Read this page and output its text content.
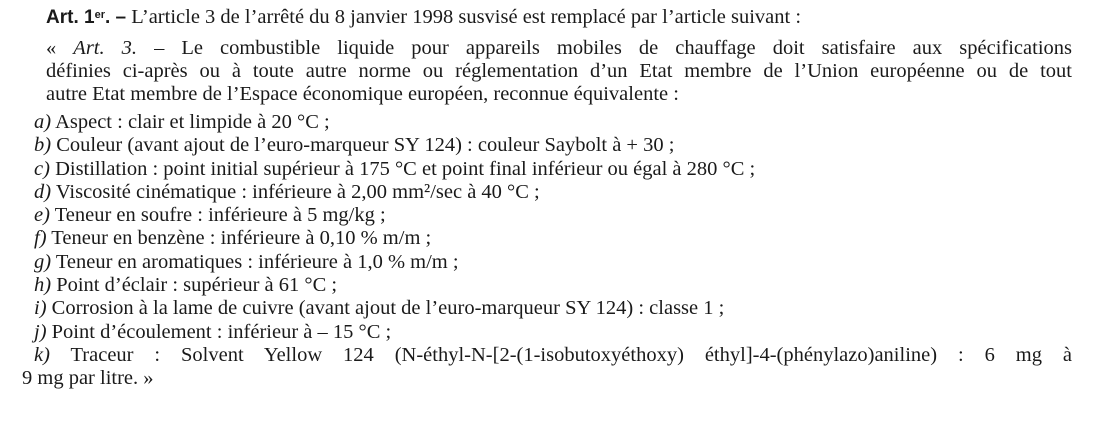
Art. 1er. – L’article 3 de l’arrêté du 8 janvier 1998 susvisé est remplacé par l’article suivant :

« Art. 3. – Le combustible liquide pour appareils mobiles de chauffage doit satisfaire aux spécifications
définies ci-après ou à toute autre norme ou réglementation d’un Etat membre de l’Union européenne ou de tout
autre Etat membre de l’Espace économique européen, reconnue équivalente :

a) Aspect : clair et limpide à 20 °C ;
b) Couleur (avant ajout de l’euro-marqueur SY 124) : couleur Saybolt à + 30 ;
c) Distillation : point initial supérieur à 175 °C et point final inférieur ou égal à 280 °C ;
d) Viscosité cinématique : inférieure à 2,00 mm²/sec à 40 °C ;
e) Teneur en soufre : inférieure à 5 mg/kg ;
f) Teneur en benzène : inférieure à 0,10 % m/m ;
g) Teneur en aromatiques : inférieure à 1,0 % m/m ;
h) Point d’éclair : supérieur à 61 °C ;
i) Corrosion à la lame de cuivre (avant ajout de l’euro-marqueur SY 124) : classe 1 ;
j) Point d’écoulement : inférieur à – 15 °C ;
k) Traceur : Solvent Yellow 124 (N-éthyl-N-[2-(1-isobutoxyéthoxy) éthyl]-4-(phénylazo)aniline) : 6 mg à
9 mg par litre. »
